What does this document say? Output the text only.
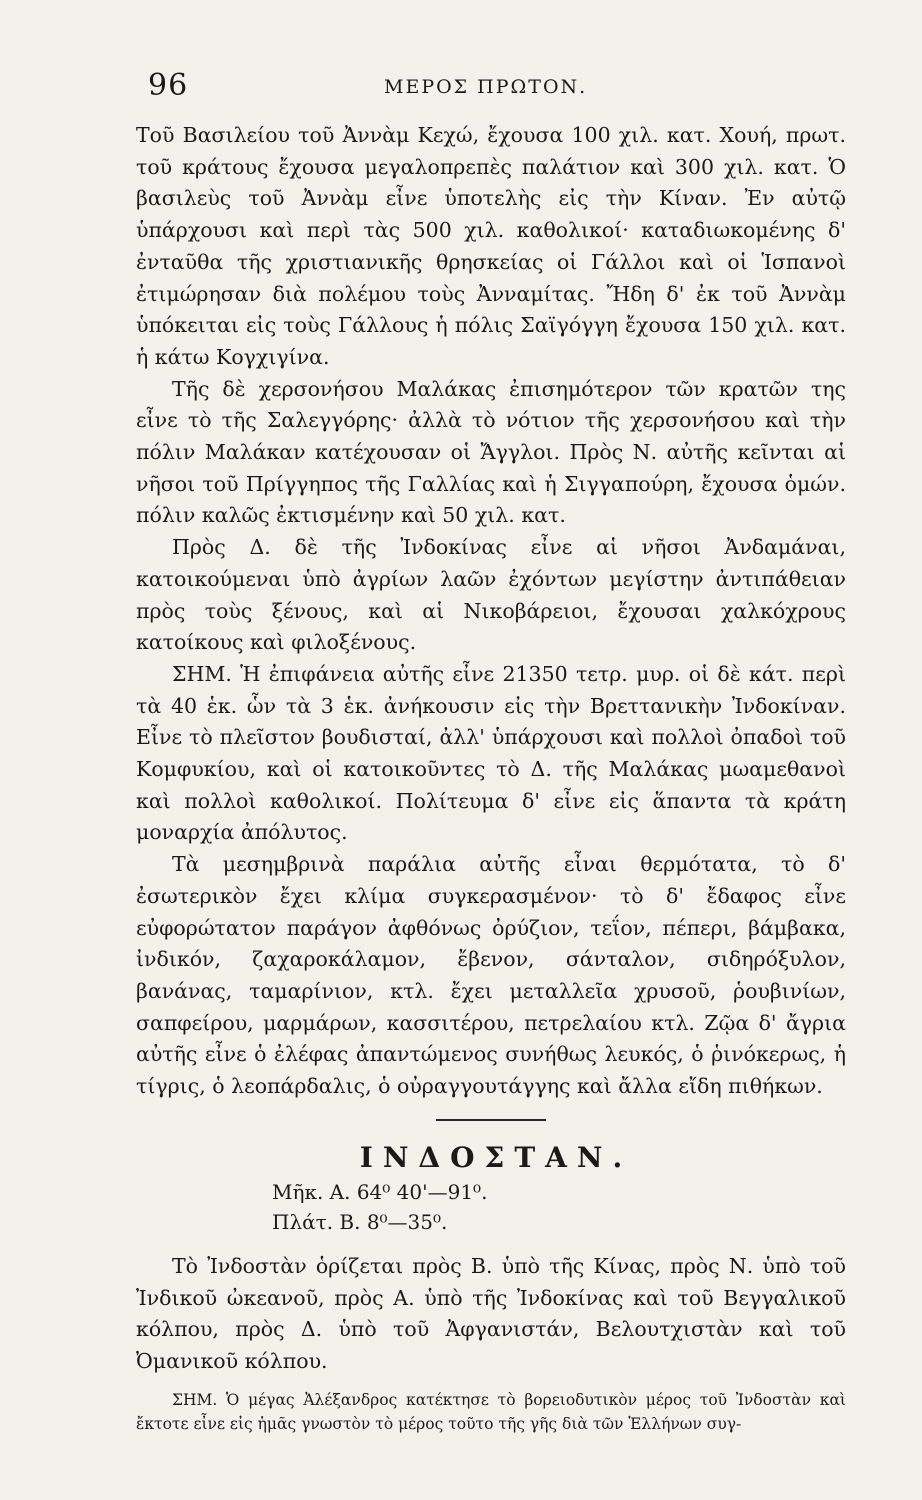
96	ΜΕΡΟΣ ΠΡΩΤΟΝ.

Τοῦ Βασιλείου τοῦ Ἀννὰμ Κεχώ, ἔχουσα 100 χιλ. κατ. Χουή, πρωτ. τοῦ κράτους ἔχουσα μεγαλοπρεπὲς παλάτιον καὶ 300 χιλ. κατ. Ὁ βασιλεὺς τοῦ Ἀννὰμ εἶνε ὑποτελὴς εἰς τὴν Κίναν. Ἐν αὐτῷ ὑπάρχουσι καὶ περὶ τὰς 500 χιλ. καθολικοί· καταδιωκομένης δ' ἐνταῦθα τῆς χριστιανικῆς θρησκείας οἱ Γάλλοι καὶ οἱ Ἱσπανοὶ ἐτιμώρησαν διὰ πολέμου τοὺς Ἀνναμίτας. Ἤδη δ' ἐκ τοῦ Ἀννὰμ ὑπόκειται εἰς τοὺς Γάλλους ἡ πόλις Σαϊγόγγη ἔχουσα 150 χιλ. κατ. ἡ κάτω Κογχιγίνα.

Τῆς δὲ χερσονήσου Μαλάκας ἐπισημότερον τῶν κρατῶν της εἶνε τὸ τῆς Σαλεγγόρης· ἀλλὰ τὸ νότιον τῆς χερσονήσου καὶ τὴν πόλιν Μαλάκαν κατέχουσαν οἱ Ἄγγλοι. Πρὸς Ν. αὐτῆς κεῖνται αἱ νῆσοι τοῦ Πρίγγηπος τῆς Γαλλίας καὶ ἡ Σιγγαπούρη, ἔχουσα ὁμών. πόλιν καλῶς ἐκτισμένην καὶ 50 χιλ. κατ.

Πρὸς Δ. δὲ τῆς Ἰνδοκίνας εἶνε αἱ νῆσοι Ἀνδαμάναι, κατοικούμεναι ὑπὸ ἀγρίων λαῶν ἐχόντων μεγίστην ἀντιπάθειαν πρὸς τοὺς ξένους, καὶ αἱ Νικοβάρειοι, ἔχουσαι χαλκόχρους κατοίκους καὶ φιλοξένους.

ΣΗΜ. Ἡ ἐπιφάνεια αὐτῆς εἶνε 21350 τετρ. μυρ. οἱ δὲ κάτ. περὶ τὰ 40 ἑκ. ὧν τὰ 3 ἑκ. ἀνήκουσιν εἰς τὴν Βρεττανικὴν Ἰνδοκίναν. Εἶνε τὸ πλεῖστον βουδισταί, ἀλλ' ὑπάρχουσι καὶ πολλοὶ ὀπαδοὶ τοῦ Κομφυκίου, καὶ οἱ κατοικοῦντες τὸ Δ. τῆς Μαλάκας μωαμεθανοὶ καὶ πολλοὶ καθολικοί. Πολίτευμα δ' εἶνε εἰς ἅπαντα τὰ κράτη μοναρχία ἀπόλυτος.

Τὰ μεσημβρινὰ παράλια αὐτῆς εἶναι θερμότατα, τὸ δ' ἐσωτερικὸν ἔχει κλίμα συγκερασμένον· τὸ δ' ἔδαφος εἶνε εὐφορώτατον παράγον ἀφθόνως ὀρύζιον, τεΐον, πέπερι, βάμβακα, ἰνδικόν, ζαχαροκάλαμον, ἔβενον, σάνταλον, σιδηρόξυλον, βανάνας, ταμαρίνιον, κτλ. ἔχει μεταλλεῖα χρυσοῦ, ῥουβινίων, σαπφείρου, μαρμάρων, κασσιτέρου, πετρελαίου κτλ. Ζῷα δ' ἄγρια αὐτῆς εἶνε ὁ ἐλέφας ἀπαντώμενος συνήθως λευκός, ὁ ῥινόκερως, ἡ τίγρις, ὁ λεοπάρδαλις, ὁ οὐραγγουτάγγης καὶ ἄλλα εἴδη πιθήκων.

ΙΝΔΟΣΤΑΝ.
Μῆκ. Α. 64⁰ 40'—91⁰.
Πλάτ. Β. 8⁰—35⁰.

Τὸ Ἰνδοστὰν ὁρίζεται πρὸς Β. ὑπὸ τῆς Κίνας, πρὸς Ν. ὑπὸ τοῦ Ἰνδικοῦ ὠκεανοῦ, πρὸς Α. ὑπὸ τῆς Ἰνδοκίνας καὶ τοῦ Βεγγαλικοῦ κόλπου, πρὸς Δ. ὑπὸ τοῦ Ἀφγανιστάν, Βελουτχιστὰν καὶ τοῦ Ὀμανικοῦ κόλπου.

ΣΗΜ. Ὁ μέγας Ἀλέξανδρος κατέκτησε τὸ βορειοδυτικὸν μέρος τοῦ Ἰνδοστὰν καὶ ἔκτοτε εἶνε εἰς ἡμᾶς γνωστὸν τὸ μέρος τοῦτο τῆς γῆς διὰ τῶν Ἑλλήνων συγ-
